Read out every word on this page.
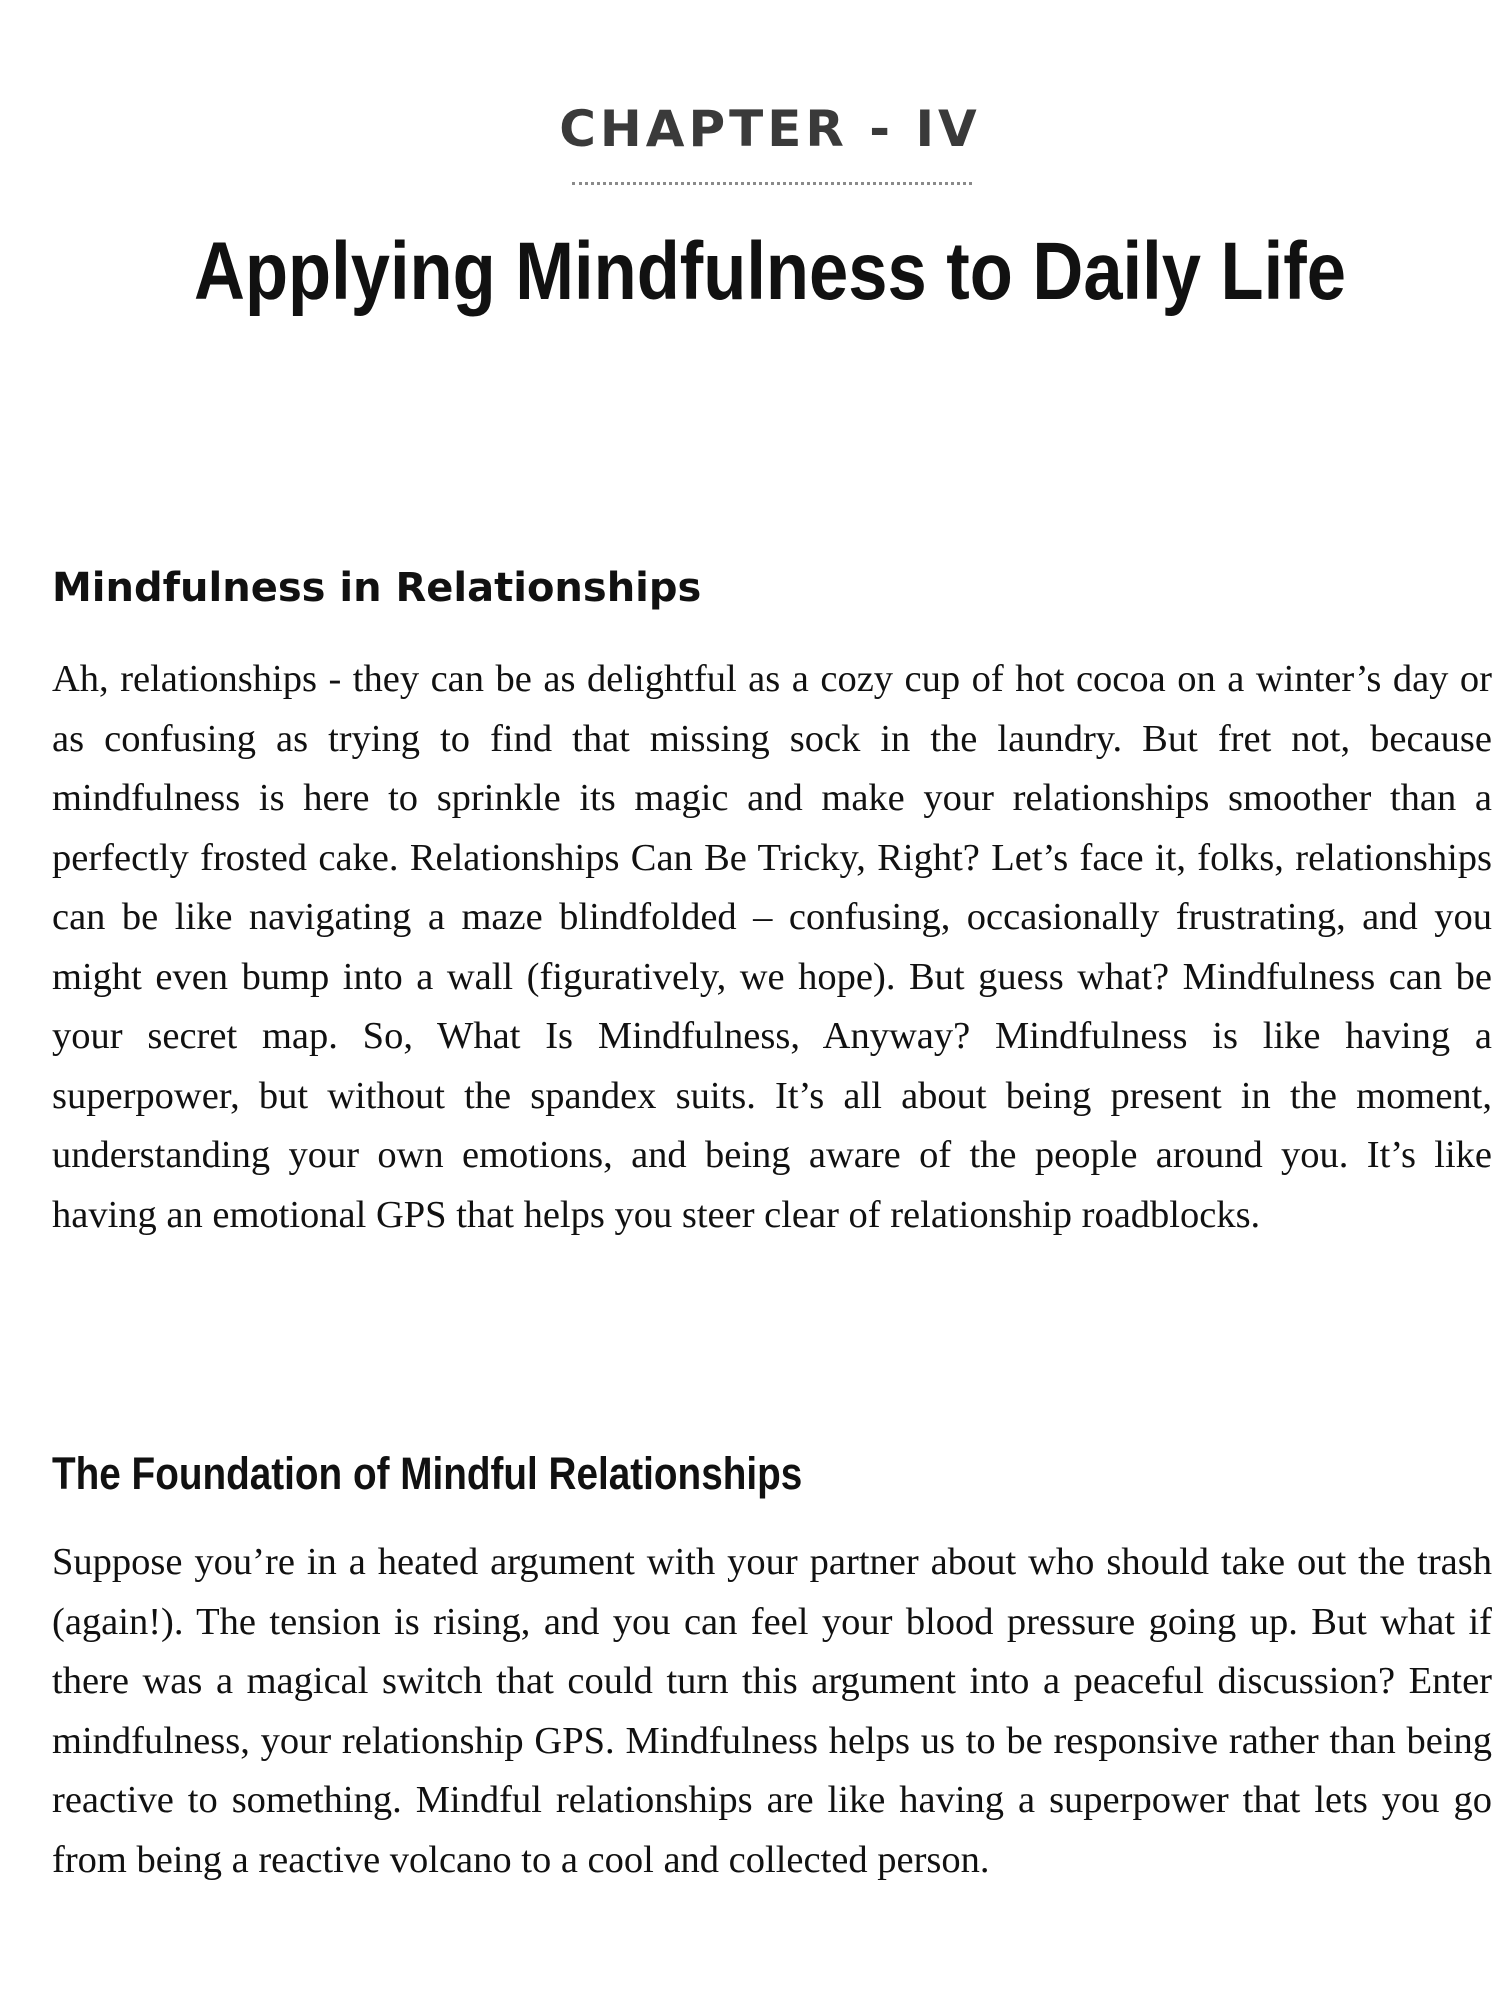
CHAPTER - IV
Applying Mindfulness to Daily Life
Mindfulness in Relationships

Ah, relationships - they can be as delightful as a cozy cup of hot cocoa on a winter’s day or as confusing as trying to find that missing sock in the laundry. But fret not, because mindfulness is here to sprinkle its magic and make your relationships smoother than a perfectly frosted cake. Relationships Can Be Tricky, Right? Let’s face it, folks, relationships can be like navigating a maze blindfolded – confusing, occasionally frustrating, and you might even bump into a wall (figuratively, we hope). But guess what? Mindfulness can be your secret map. So, What Is Mindfulness, Anyway? Mindfulness is like having a superpower, but without the spandex suits. It’s all about being present in the moment, understanding your own emotions, and being aware of the people around you. It’s like having an emotional GPS that helps you steer clear of relationship roadblocks.

The Foundation of Mindful Relationships

Suppose you’re in a heated argument with your partner about who should take out the trash (again!). The tension is rising, and you can feel your blood pressure going up. But what if there was a magical switch that could turn this argument into a peaceful discussion? Enter mindfulness, your relationship GPS. Mindfulness helps us to be responsive rather than being reactive to something. Mindful relationships are like having a superpower that lets you go from being a reactive volcano to a cool and collected person.
